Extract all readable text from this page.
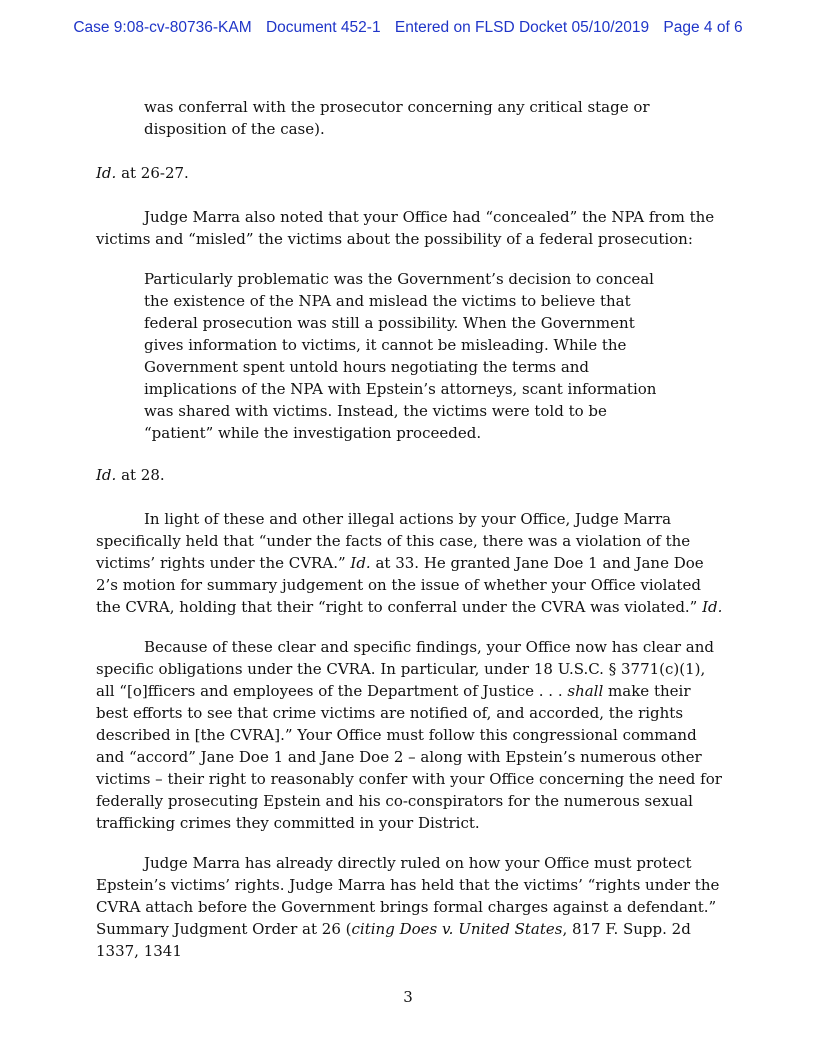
Case 9:08-cv-80736-KAM Document 452-1 Entered on FLSD Docket 05/10/2019 Page 4 of 6

was conferral with the prosecutor concerning any critical stage or disposition of the case).

Id. at 26-27.

Judge Marra also noted that your Office had “concealed” the NPA from the victims and “misled” the victims about the possibility of a federal prosecution:

Particularly problematic was the Government’s decision to conceal the existence of the NPA and mislead the victims to believe that federal prosecution was still a possibility. When the Government gives information to victims, it cannot be misleading. While the Government spent untold hours negotiating the terms and implications of the NPA with Epstein’s attorneys, scant information was shared with victims. Instead, the victims were told to be “patient” while the investigation proceeded.

Id. at 28.

In light of these and other illegal actions by your Office, Judge Marra specifically held that “under the facts of this case, there was a violation of the victims’ rights under the CVRA.” Id. at 33. He granted Jane Doe 1 and Jane Doe 2’s motion for summary judgement on the issue of whether your Office violated the CVRA, holding that their “right to conferral under the CVRA was violated.” Id.

Because of these clear and specific findings, your Office now has clear and specific obligations under the CVRA. In particular, under 18 U.S.C. § 3771(c)(1), all “[o]fficers and employees of the Department of Justice . . . shall make their best efforts to see that crime victims are notified of, and accorded, the rights described in [the CVRA].” Your Office must follow this congressional command and “accord” Jane Doe 1 and Jane Doe 2 – along with Epstein’s numerous other victims – their right to reasonably confer with your Office concerning the need for federally prosecuting Epstein and his co-conspirators for the numerous sexual trafficking crimes they committed in your District.

Judge Marra has already directly ruled on how your Office must protect Epstein’s victims’ rights. Judge Marra has held that the victims’ “rights under the CVRA attach before the Government brings formal charges against a defendant.” Summary Judgment Order at 26 (citing Does v. United States, 817 F. Supp. 2d 1337, 1341

3
